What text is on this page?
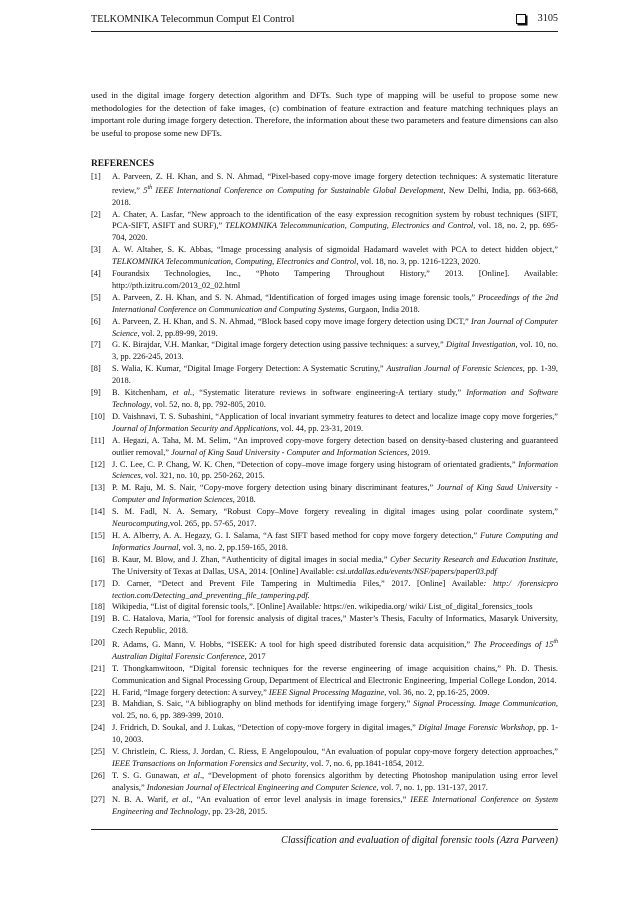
TELKOMNIKA Telecommun Comput El Control	3105

used in the digital image forgery detection algorithm and DFTs. Such type of mapping will be useful to propose some new methodologies for the detection of fake images, (c) combination of feature extraction and feature matching techniques plays an important role during image forgery detection. Therefore, the information about these two parameters and feature dimensions can also be useful to propose some new DFTs.

REFERENCES
[1] A. Parveen, Z. H. Khan, and S. N. Ahmad, “Pixel-based copy-move image forgery detection techniques: A systematic literature review,” 5th IEEE International Conference on Computing for Sustainable Global Development, New Delhi, India, pp. 663-668, 2018.
[2] A. Chater, A. Lasfar, “New approach to the identification of the easy expression recognition system by robust techniques (SIFT, PCA-SIFT, ASIFT and SURF),” TELKOMNIKA Telecommunication, Computing, Electronics and Control, vol. 18, no. 2, pp. 695-704, 2020.
[3] A. W. Altaher, S. K. Abbas, “Image processing analysis of sigmoidal Hadamard wavelet with PCA to detect hidden object,” TELKOMNIKA Telecommunication, Computing, Electronics and Control, vol. 18, no. 3, pp. 1216-1223, 2020.
[4] Fourandsix Technologies, Inc., “Photo Tampering Throughout History,” 2013. [Online]. Available: http://pth.izitru.com/2013_02_02.html
[5] A. Parveen, Z. H. Khan, and S. N. Ahmad, “Identification of forged images using image forensic tools,” Proceedings of the 2nd International Conference on Communication and Computing Systems, Gurgaon, India 2018.
[6] A. Parveen, Z. H. Khan, and S. N. Ahmad, “Block based copy move image forgery detection using DCT,” Iran Journal of Computer Science, vol. 2, pp.89-99, 2019.
[7] G. K. Birajdar, V.H. Mankar, “Digital image forgery detection using passive techniques: a survey,” Digital Investigation, vol. 10, no. 3, pp. 226-245, 2013.
[8] S. Walia, K. Kumar, “Digital Image Forgery Detection: A Systematic Scrutiny,” Australian Journal of Forensic Sciences, pp. 1-39, 2018.
[9] B. Kitchenham, et al., “Systematic literature reviews in software engineering-A tertiary study,” Information and Software Technology, vol. 52, no. 8, pp. 792-805, 2010.
[10] D. Vaishnavi, T. S. Subashini, “Application of local invariant symmetry features to detect and localize image copy move forgeries,” Journal of Information Security and Applications, vol. 44, pp. 23-31, 2019.
[11] A. Hegazi, A. Taha, M. M. Selim, “An improved copy-move forgery detection based on density-based clustering and guaranteed outlier removal,” Journal of King Saud University - Computer and Information Sciences, 2019.
[12] J. C. Lee, C. P. Chang, W. K. Chen, “Detection of copy–move image forgery using histogram of orientated gradients,” Information Sciences, vol. 321, no. 10, pp. 250-262, 2015.
[13] P. M. Raju, M. S. Nair, “Copy-move forgery detection using binary discriminant features,” Journal of King Saud University - Computer and Information Sciences, 2018.
[14] S. M. Fadl, N. A. Semary, “Robust Copy–Move forgery revealing in digital images using polar coordinate system,” Neurocomputing,vol. 265, pp. 57-65, 2017.
[15] H. A. Alberry, A. A. Hegazy, G. I. Salama, “A fast SIFT based method for copy move forgery detection,” Future Computing and Informatics Journal, vol. 3, no. 2, pp.159-165, 2018.
[16] B. Kaur, M. Blow, and J. Zhan, “Authenticity of digital images in social media,” Cyber Security Research and Education Institute, The University of Texas at Dallas, USA, 2014. [Online] Available: csi.utdallas.edu/events/NSF/papers/paper03.pdf
[17] D. Carner, “Detect and Prevent File Tampering in Multimedia Files,” 2017. [Online] Available: http:/ /forensicpro tection.com/Detecting_and_preventing_file_tampering.pdf.
[18] Wikipedia, “List of digital forensic tools,”. [Online] Available: https://en. wikipedia.org/ wiki/ List_of_digital_forensics_tools
[19] B. C. Hatalova, Maria, “Tool for forensic analysis of digital traces,” Master’s Thesis, Faculty of Informatics, Masaryk University, Czech Republic, 2018.
[20] R. Adams, G. Mann, V. Hobbs, “ISEEK: A tool for high speed distributed forensic data acquisition,” The Proceedings of 15th Australian Digital Forensic Conference, 2017
[21] T. Thongkamwitoon, “Digital forensic techniques for the reverse engineering of image acquisition chains,” Ph. D. Thesis. Communication and Signal Processing Group, Department of Electrical and Electronic Engineering, Imperial College London, 2014.
[22] H. Farid, “Image forgery detection: A survey,” IEEE Signal Processing Magazine, vol. 36, no. 2, pp.16-25, 2009.
[23] B. Mahdian, S. Saic, “A bibliography on blind methods for identifying image forgery,” Signal Processing. Image Communication, vol. 25, no. 6, pp. 389-399, 2010.
[24] J. Fridrich, D. Soukal, and J. Lukas, “Detection of copy-move forgery in digital images,” Digital Image Forensic Workshop, pp. 1-10, 2003.
[25] V. Christlein, C. Riess, J. Jordan, C. Riess, E Angelopoulou, “An evaluation of popular copy-move forgery detection approaches,” IEEE Transactions on Information Forensics and Security, vol. 7, no. 6, pp.1841-1854, 2012.
[26] T. S. G. Gunawan, et al., “Development of photo forensics algorithm by detecting Photoshop manipulation using error level analysis,” Indonesian Journal of Electrical Engineering and Computer Science, vol. 7, no. 1, pp. 131-137, 2017.
[27] N. B. A. Warif, et al., “An evaluation of error level analysis in image forensics,” IEEE International Conference on System Engineering and Technology, pp. 23-28, 2015.
Classification and evaluation of digital forensic tools (Azra Parveen)
